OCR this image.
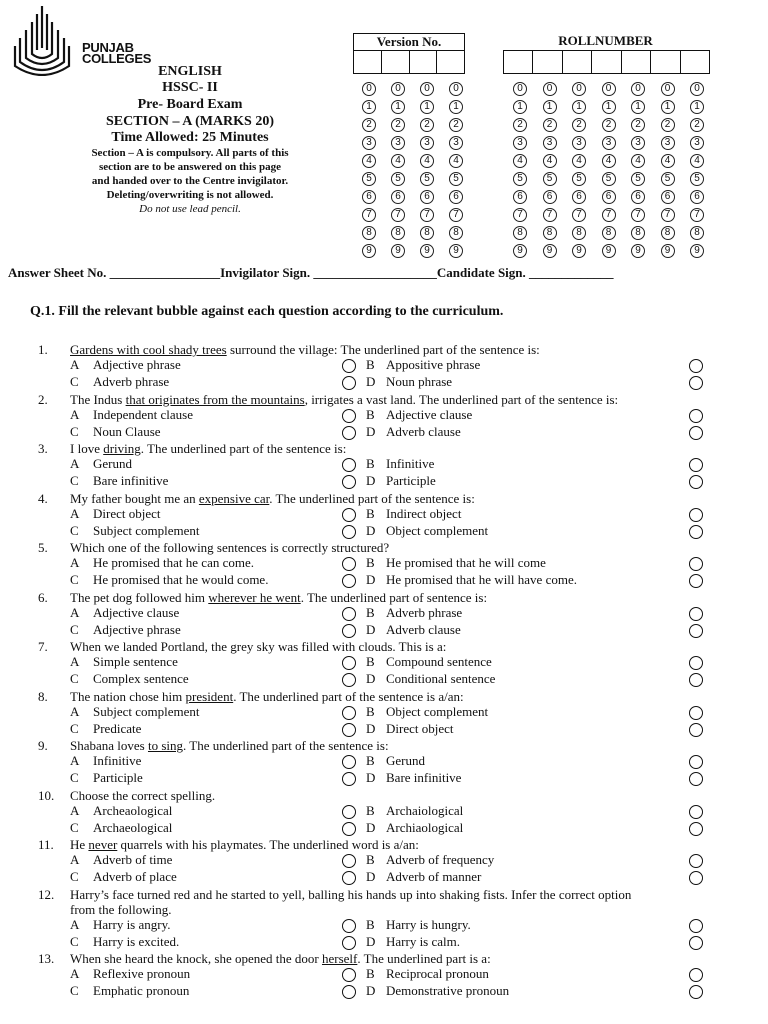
PUNJAB
COLLEGES
ENGLISH
HSSC- II
Pre- Board Exam
SECTION – A (MARKS 20)
Time Allowed: 25 Minutes
Section – A is compulsory. All parts of this
section are to be answered on this page
and handed over to the Centre invigilator.
Deleting/overwriting is not allowed.
Do not use lead pencil.
Version No.	ROLLNUMBER
0	0	0	0
1	1	1	1
2	2	2	2
3	3	3	3
4	4	4	4
5	5	5	5
6	6	6	6
7	7	7	7
8	8	8	8
9	9	9	9
0	0	0	0	0	0	0
1	1	1	1	1	1	1
2	2	2	2	2	2	2
3	3	3	3	3	3	3
4	4	4	4	4	4	4
5	5	5	5	5	5	5
6	6	6	6	6	6	6
7	7	7	7	7	7	7
8	8	8	8	8	8	8
9	9	9	9	9	9	9
Answer Sheet No. _________________Invigilator Sign. ___________________Candidate Sign. _____________
Q.1. Fill the relevant bubble against each question according to the curriculum.
1. Gardens with cool shady trees surround the village: The underlined part of the sentence is:
A Adjective phrase	B Appositive phrase
C Adverb phrase	D Noun phrase
2. The Indus that originates from the mountains, irrigates a vast land. The underlined part of the sentence is:
A Independent clause	B Adjective clause
C Noun Clause	D Adverb clause
3. I love driving. The underlined part of the sentence is:
A Gerund	B Infinitive
C Bare infinitive	D Participle
4. My father bought me an expensive car. The underlined part of the sentence is:
A Direct object	B Indirect object
C Subject complement	D Object complement
5. Which one of the following sentences is correctly structured?
A He promised that he can come.	B He promised that he will come
C He promised that he would come.	D He promised that he will have come.
6. The pet dog followed him wherever he went. The underlined part of sentence is:
A Adjective clause	B Adverb phrase
C Adjective phrase	D Adverb clause
7. When we landed Portland, the grey sky was filled with clouds. This is a:
A Simple sentence	B Compound sentence
C Complex sentence	D Conditional sentence
8. The nation chose him president. The underlined part of the sentence is a/an:
A Subject complement	B Object complement
C Predicate	D Direct object
9. Shabana loves to sing. The underlined part of the sentence is:
A Infinitive	B Gerund
C Participle	D Bare infinitive
10. Choose the correct spelling.
A Archeaological	B Archaiological
C Archaeological	D Archiaological
11. He never quarrels with his playmates. The underlined word is a/an:
A Adverb of time	B Adverb of frequency
C Adverb of place	D Adverb of manner
12. Harry’s face turned red and he started to yell, balling his hands up into shaking fists. Infer the correct option
from the following.
A Harry is angry.	B Harry is hungry.
C Harry is excited.	D Harry is calm.
13. When she heard the knock, she opened the door herself. The underlined part is a:
A Reflexive pronoun	B Reciprocal pronoun
C Emphatic pronoun	D Demonstrative pronoun
